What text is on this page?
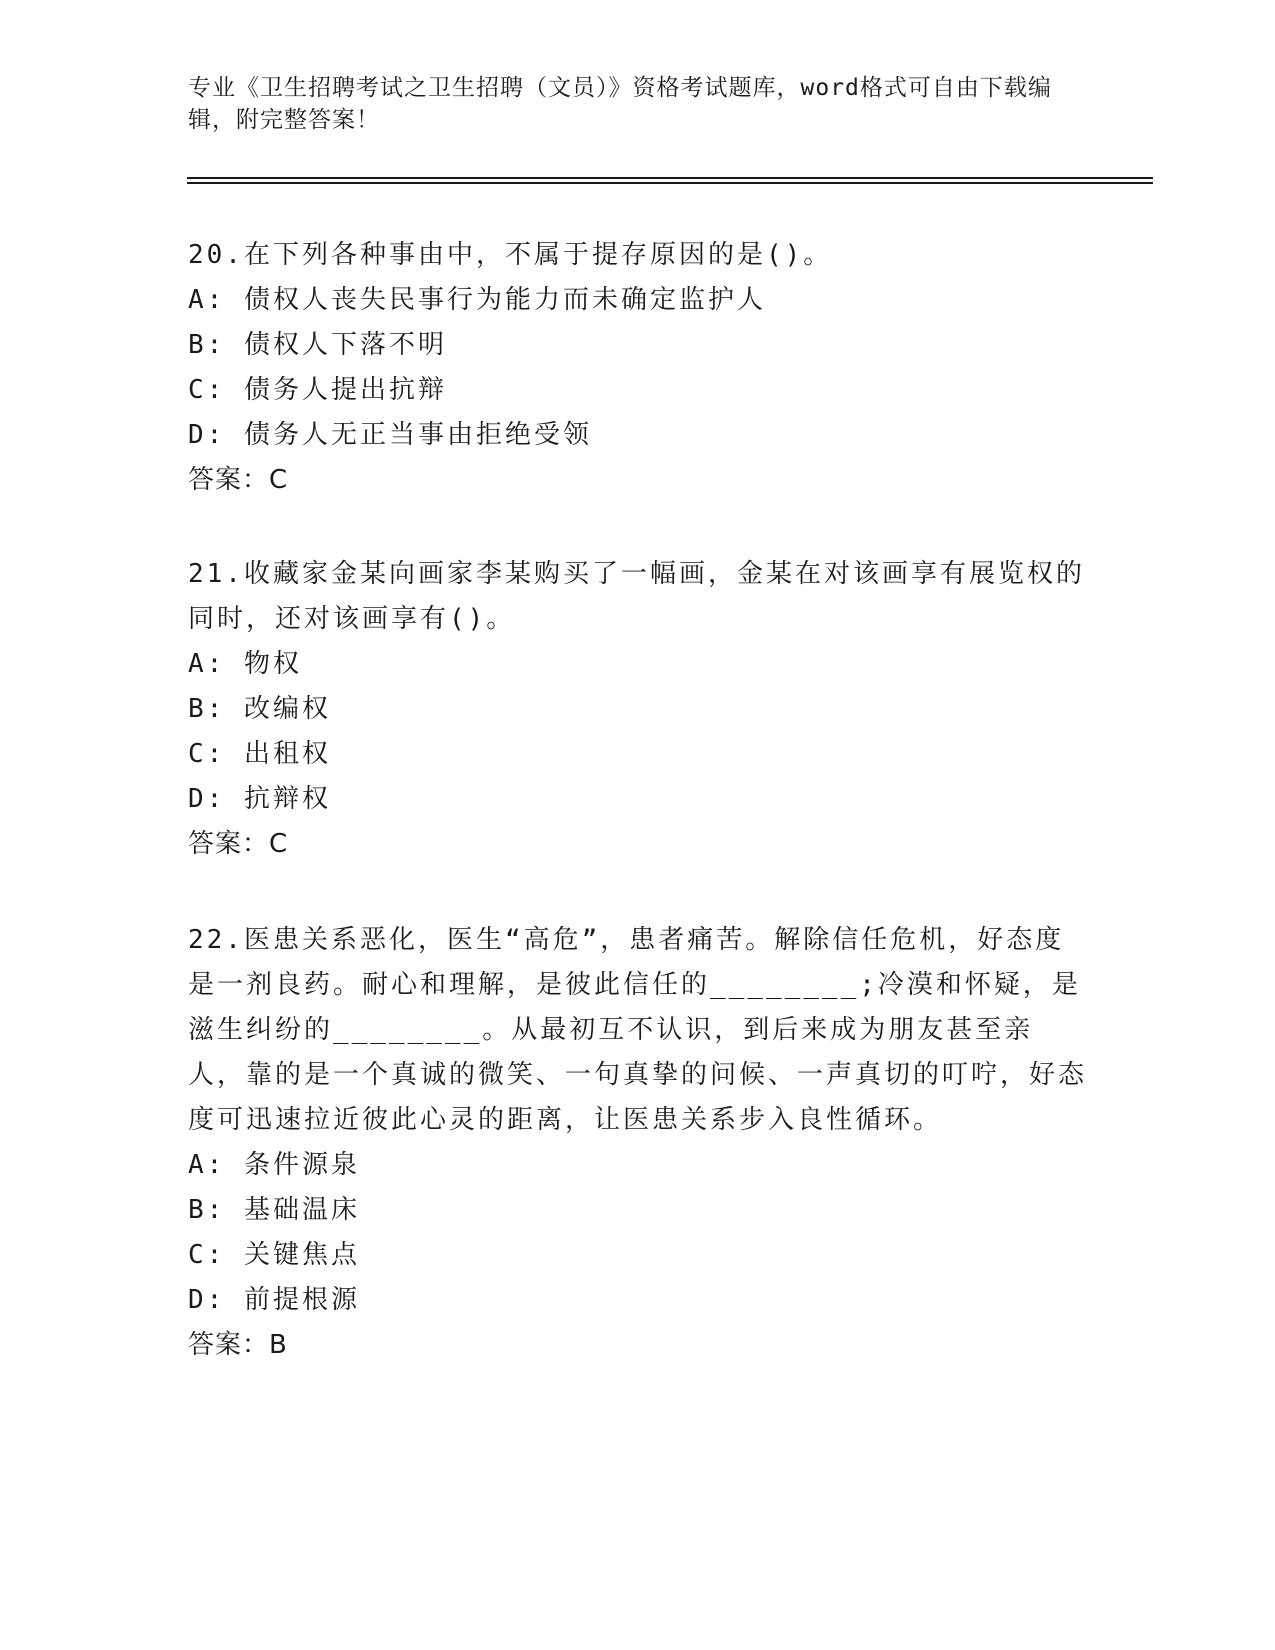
专业《卫生招聘考试之卫生招聘（文员）》资格考试题库，word格式可自由下载编辑，附完整答案！
20.在下列各种事由中，不属于提存原因的是()。
A: 债权人丧失民事行为能力而未确定监护人
B: 债权人下落不明
C: 债务人提出抗辩
D: 债务人无正当事由拒绝受领
答案：C
21.收藏家金某向画家李某购买了一幅画，金某在对该画享有展览权的同时，还对该画享有()。
A: 物权
B: 改编权
C: 出租权
D: 抗辩权
答案：C
22.医患关系恶化，医生“高危”，患者痛苦。解除信任危机，好态度是一剂良药。耐心和理解，是彼此信任的________;冷漠和怀疑，是滋生纠纷的________。从最初互不认识，到后来成为朋友甚至亲人，靠的是一个真诚的微笑、一句真挚的问候、一声真切的叮咛，好态度可迅速拉近彼此心灵的距离，让医患关系步入良性循环。
A: 条件源泉
B: 基础温床
C: 关键焦点
D: 前提根源
答案：B
